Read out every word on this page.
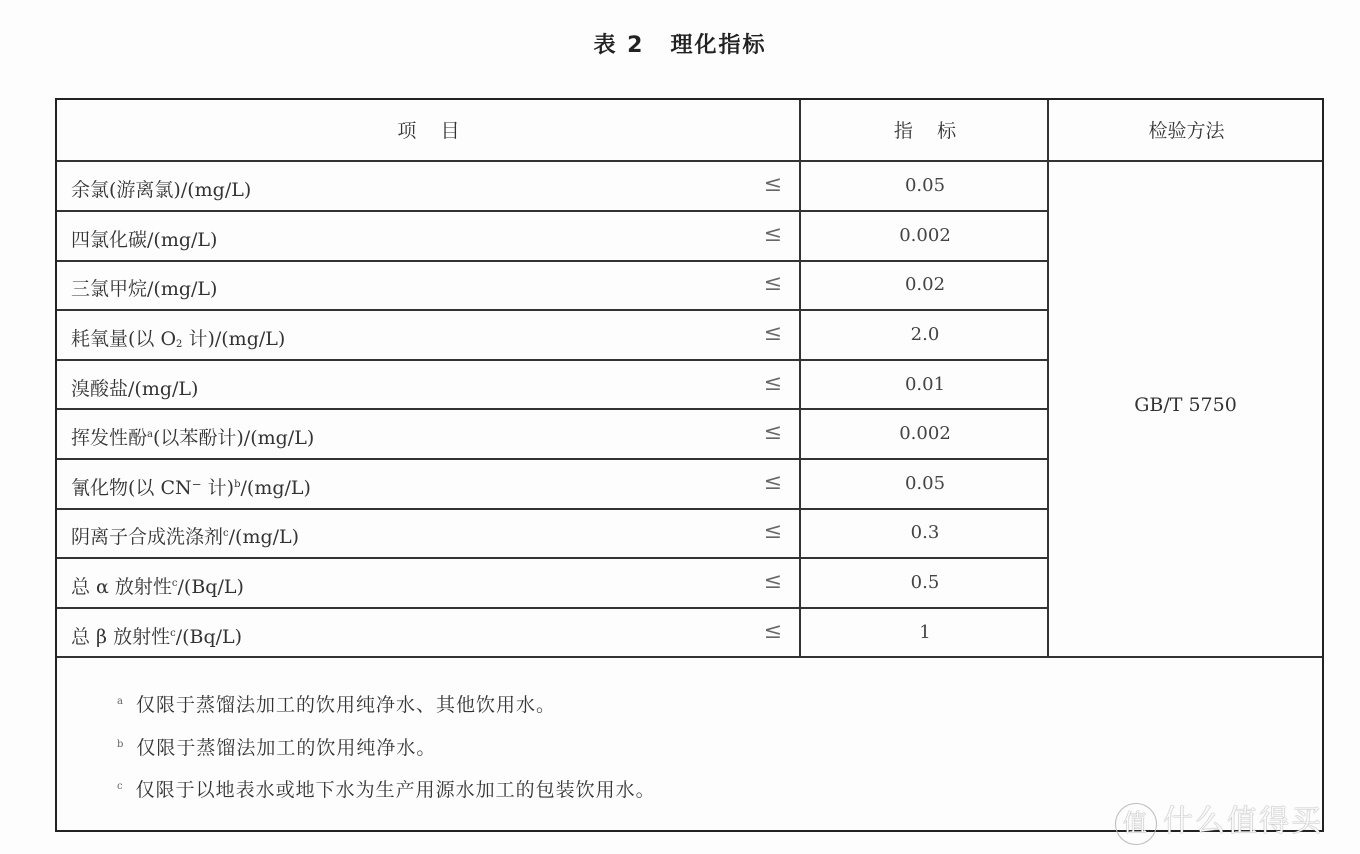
表 2 理化指标
项    目	指    标	检验方法
余氯(游离氯)/(mg/L)	≤	0.05
四氯化碳/(mg/L)	≤	0.002
三氯甲烷/(mg/L)	≤	0.02
耗氧量(以 $O_2$ 计)/(mg/L)	≤	2.0
溴酸盐/(mg/L)	≤	0.01
挥发性酚$^a$(以苯酚计)/(mg/L)	≤	0.002
氰化物(以 CN⁻ 计)$^b$/(mg/L)	≤	0.05
阴离子合成洗涤剂$^c$/(mg/L)	≤	0.3
总 α 放射性$^c$/(Bq/L)	≤	0.5
总 β 放射性$^c$/(Bq/L)	≤	1
GB/T 5750
$^a$ 仅限于蒸馏法加工的饮用纯净水、其他饮用水。
$^b$ 仅限于蒸馏法加工的饮用纯净水。
$^c$ 仅限于以地表水或地下水为生产用源水加工的包装饮用水。
值 什么值得买
